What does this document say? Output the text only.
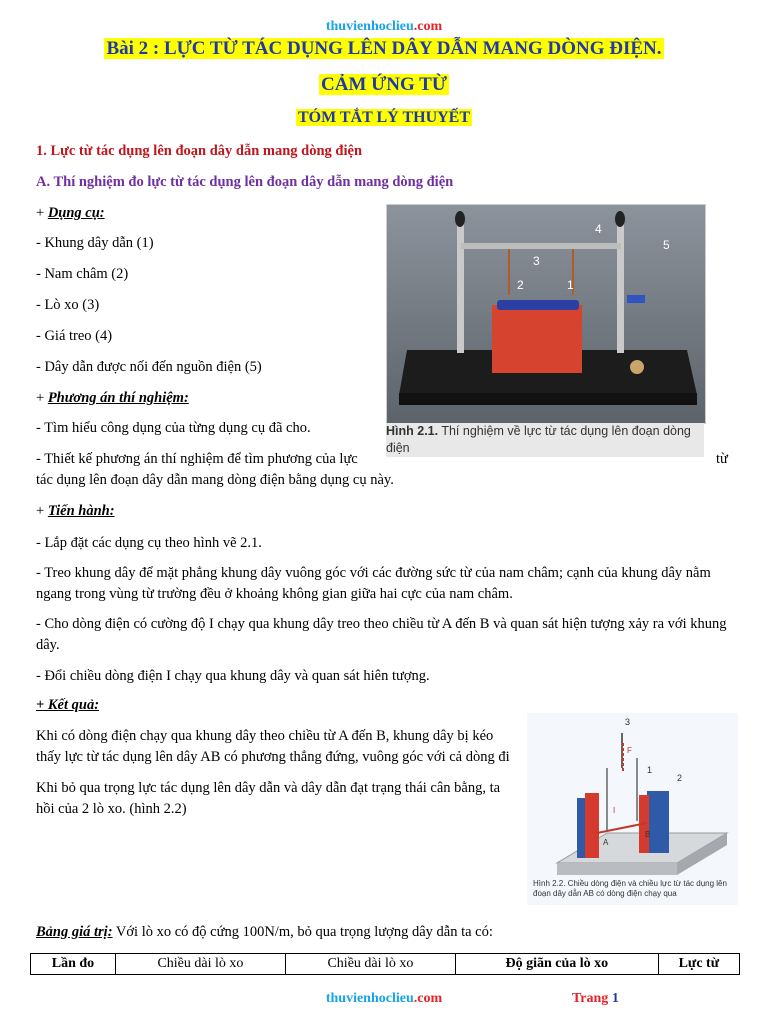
thuvienhoclieu.com
Bài 2 : LỰC TỪ TÁC DỤNG LÊN DÂY DẪN MANG DÒNG ĐIỆN.
CẢM ỨNG TỪ
TÓM TẮT LÝ THUYẾT
1. Lực từ tác dụng lên đoạn dây dẫn mang dòng điện
A. Thí nghiệm đo lực từ tác dụng lên đoạn dây dẫn mang dòng điện
+ Dụng cụ:
- Khung dây dẫn (1)
- Nam châm (2)
- Lò xo (3)
- Giá treo (4)
- Dây dẫn được nối đến nguồn điện (5)
+ Phương án thí nghiệm:
- Tìm hiểu công dụng của từng dụng cụ đã cho.
- Thiết kế phương án thí nghiệm để tìm phương của lực	từ
tác dụng lên đoạn dây dẫn mang dòng điện bằng dụng cụ này.
4
3
2	1
5
Hình 2.1. Thí nghiệm về lực từ tác dụng lên đoạn dòng điện
+ Tiến hành:
- Lắp đặt các dụng cụ theo hình vẽ 2.1.
- Treo khung dây để mặt phẳng khung dây vuông góc với các đường sức từ của nam châm; cạnh của khung dây nằm ngang trong vùng từ trường đều ở khoảng không gian giữa hai cực của nam châm.
- Cho dòng điện có cường độ I chạy qua khung dây treo theo chiều từ A đến B và quan sát hiện tượng xảy ra với khung dây.
- Đổi chiều dòng điện I chạy qua khung dây và quan sát hiên tượng.
+ Kết quả:
Khi có dòng điện chạy qua khung dây theo chiều từ A đến B, khung dây bị kéo
thấy lực từ tác dụng lên dây AB có phương thẳng đứng, vuông góc với cả dòng đi
Khi bỏ qua trọng lực tác dụng lên dây dẫn và dây dẫn đạt trạng thái cân bằng, ta
hồi của 2 lò xo. (hình 2.2)
3
1
2
A
B
F
I
Hình 2.2. Chiều dòng điện và chiều lực từ tác dụng lên đoạn dây dẫn AB có dòng điện chạy qua
Bảng giá trị: Với lò xo có độ cứng 100N/m, bỏ qua trọng lượng dây dẫn ta có:
Lần đo	Chiều dài lò xo	Chiều dài lò xo	Độ giãn của lò xo	Lực từ
thuvienhoclieu.com	Trang 1
